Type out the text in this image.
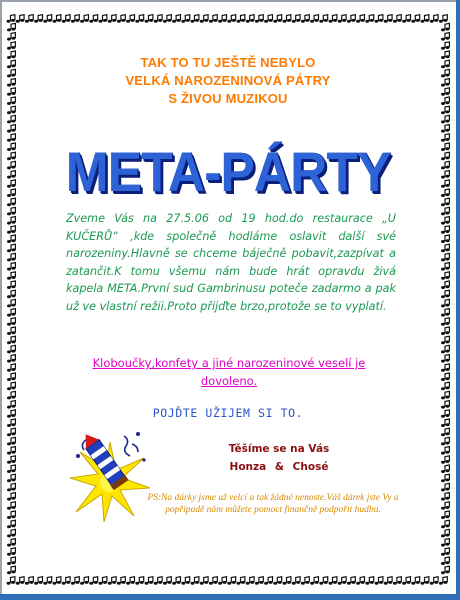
TAK TO TU JEŠTĚ NEBYLO
VELKÁ NAROZENINOVÁ PÁTRY
S ŽIVOU MUZIKOU
META-PÁRTY
Zveme Vás na 27.5.06 od 19 hod.do restaurace „U KUČERŮ“ ,kde společně hodláme oslavit další své narozeniny.Hlavně se chceme báječně pobavit,zazpívat a zatančit.K tomu všemu nám bude hrát opravdu živá kapela META.První sud Gambrinusu poteče zadarmo a pak už ve vlastní režii.Proto přijďte brzo,protože se to vyplatí.
Kloboučky,konfety a jiné narozeninové veselí je dovoleno.
POJĎTE UŽIJEM SI TO.
Těšíme se na Vás
Honza & Chosé
PS:Na dárky jsme už velcí a tak žádné nenoste.Váš dárek jste Vy a popřípadě nám můžete pomoct finančně podpořit hudbu.
